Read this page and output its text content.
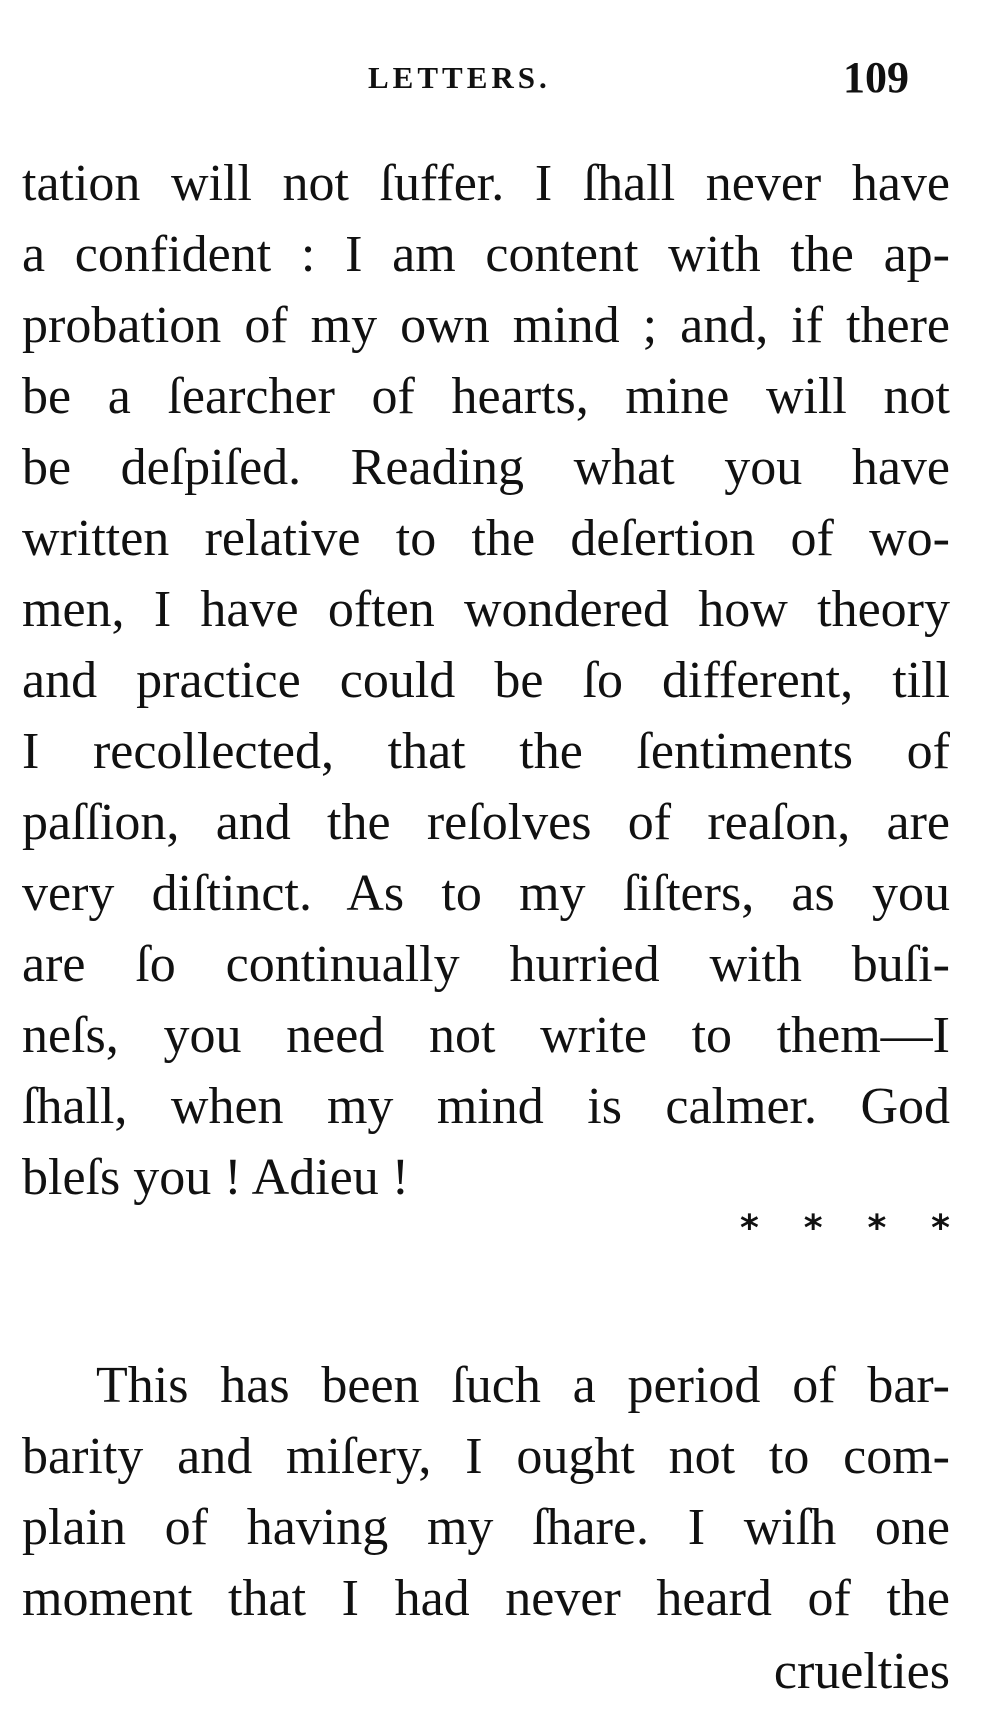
LETTERS.	109
tation will not ſuffer. I ſhall never have
a confident : I am content with the ap-
probation of my own mind ; and, if there
be a ſearcher of hearts, mine will not
be deſpiſed. Reading what you have
written relative to the deſertion of wo-
men, I have often wondered how theory
and practice could be ſo different, till
I recollected, that the ſentiments of
paſſion, and the reſolves of reaſon, are
very diſtinct. As to my ſiſters, as you
are ſo continually hurried with buſi-
neſs, you need not write to them—I
ſhall, when my mind is calmer. God
bleſs you ! Adieu !
* * * *
This has been ſuch a period of bar-
barity and miſery, I ought not to com-
plain of having my ſhare. I wiſh one
moment that I had never heard of the
cruelties
